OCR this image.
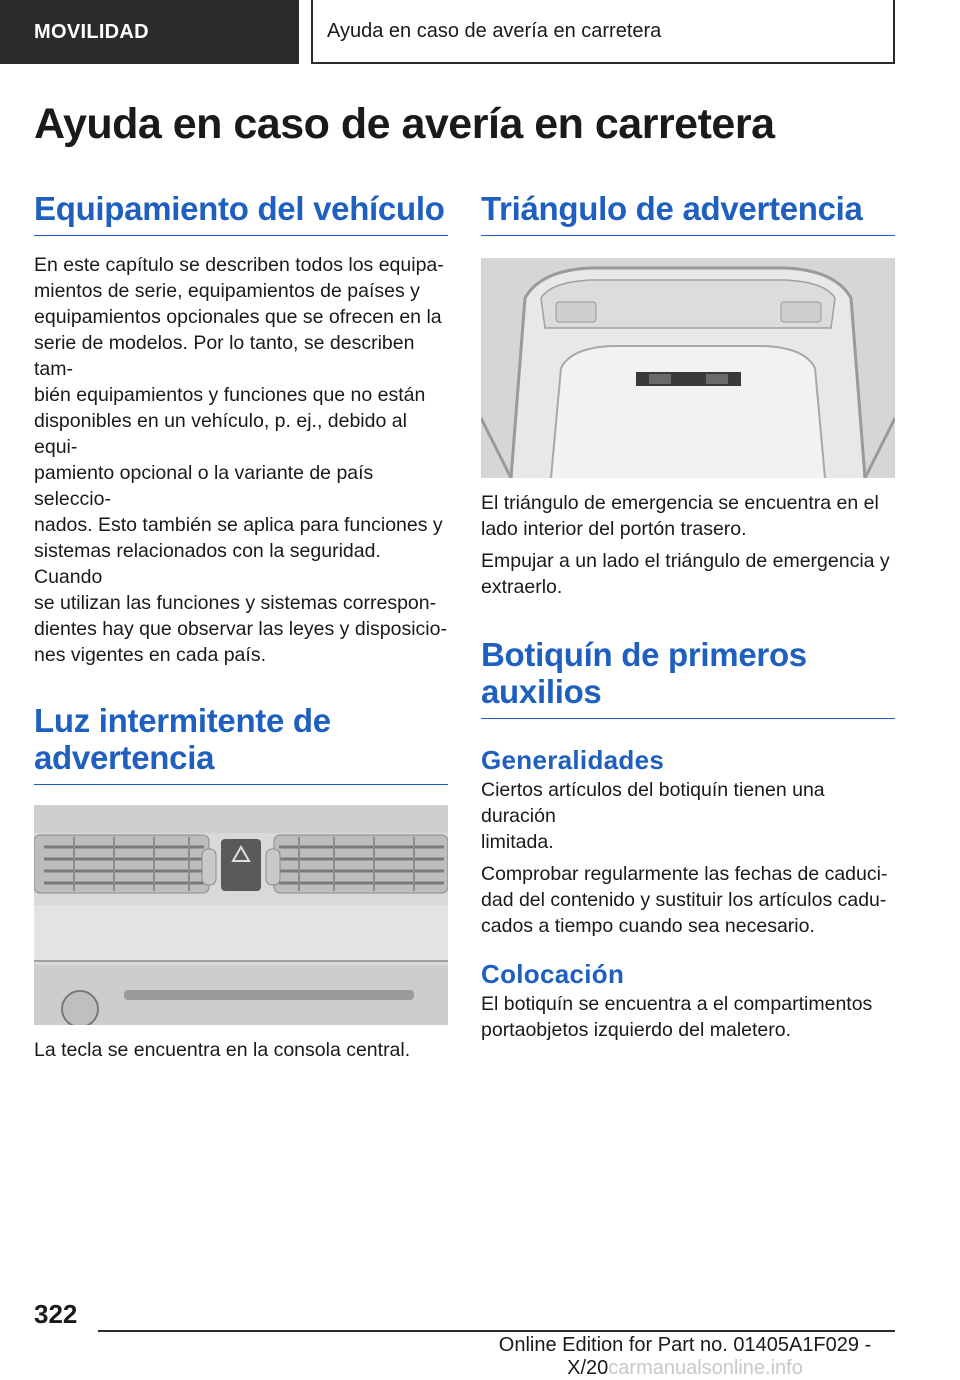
MOVILIDAD	Ayuda en caso de avería en carretera
Ayuda en caso de avería en carretera
Equipamiento del vehículo

En este capítulo se describen todos los equipa-

mientos de serie, equipamientos de países y

equipamientos opcionales que se ofrecen en la

serie de modelos. Por lo tanto, se describen tam-

bién equipamientos y funciones que no están

disponibles en un vehículo, p. ej., debido al equi-

pamiento opcional o la variante de país seleccio-

nados. Esto también se aplica para funciones y

sistemas relacionados con la seguridad. Cuando

se utilizan las funciones y sistemas correspon-

dientes hay que observar las leyes y disposicio-

nes vigentes en cada país.

Luz intermitente de
advertencia

La tecla se encuentra en la consola central.

Triángulo de advertencia

El triángulo de emergencia se encuentra en el

lado interior del portón trasero.

Empujar a un lado el triángulo de emergencia y

extraerlo.

Botiquín de primeros
auxilios
Generalidades

Ciertos artículos del botiquín tienen una duración

limitada.

Comprobar regularmente las fechas de caduci-

dad del contenido y sustituir los artículos cadu-

cados a tiempo cuando sea necesario.

Colocación

El botiquín se encuentra a el compartimentos

portaobjetos izquierdo del maletero.

322
Online Edition for Part no. 01405A1F029 - X/20carmanualsonline.info
